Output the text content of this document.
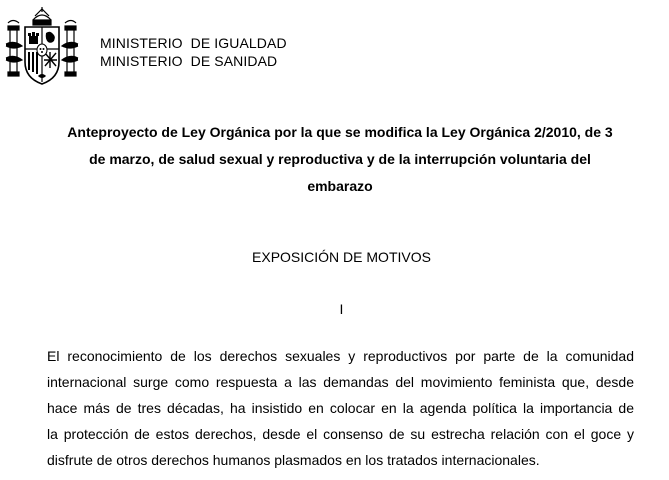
MINISTERIO  DE IGUALDAD
MINISTERIO  DE SANIDAD
Anteproyecto de Ley Orgánica por la que se modifica la Ley Orgánica 2/2010, de 3
de marzo, de salud sexual y reproductiva y de la interrupción voluntaria del
embarazo
EXPOSICIÓN DE MOTIVOS
I
El reconocimiento de los derechos sexuales y reproductivos por parte de la comunidad
internacional surge como respuesta a las demandas del movimiento feminista que, desde
hace más de tres décadas, ha insistido en colocar en la agenda política la importancia de
la protección de estos derechos, desde el consenso de su estrecha relación con el goce y
disfrute de otros derechos humanos plasmados en los tratados internacionales.
